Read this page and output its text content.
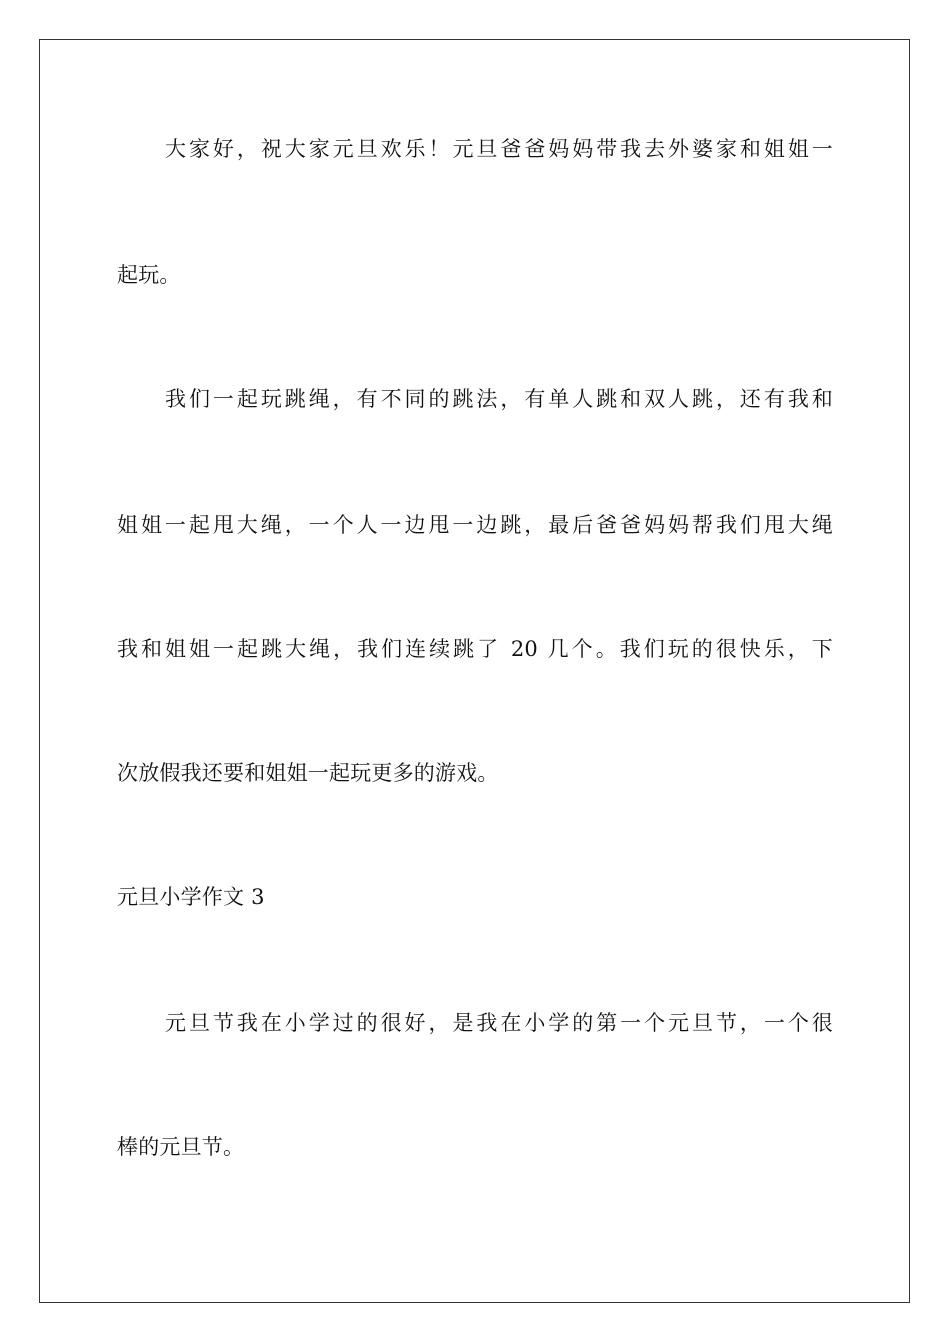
大家好，祝大家元旦欢乐！元旦爸爸妈妈带我去外婆家和姐姐一
起玩。
我们一起玩跳绳，有不同的跳法，有单人跳和双人跳，还有我和
姐姐一起甩大绳，一个人一边甩一边跳，最后爸爸妈妈帮我们甩大绳
我和姐姐一起跳大绳，我们连续跳了 20 几个。我们玩的很快乐，下
次放假我还要和姐姐一起玩更多的游戏。
元旦小学作文 3
元旦节我在小学过的很好，是我在小学的第一个元旦节，一个很
棒的元旦节。
